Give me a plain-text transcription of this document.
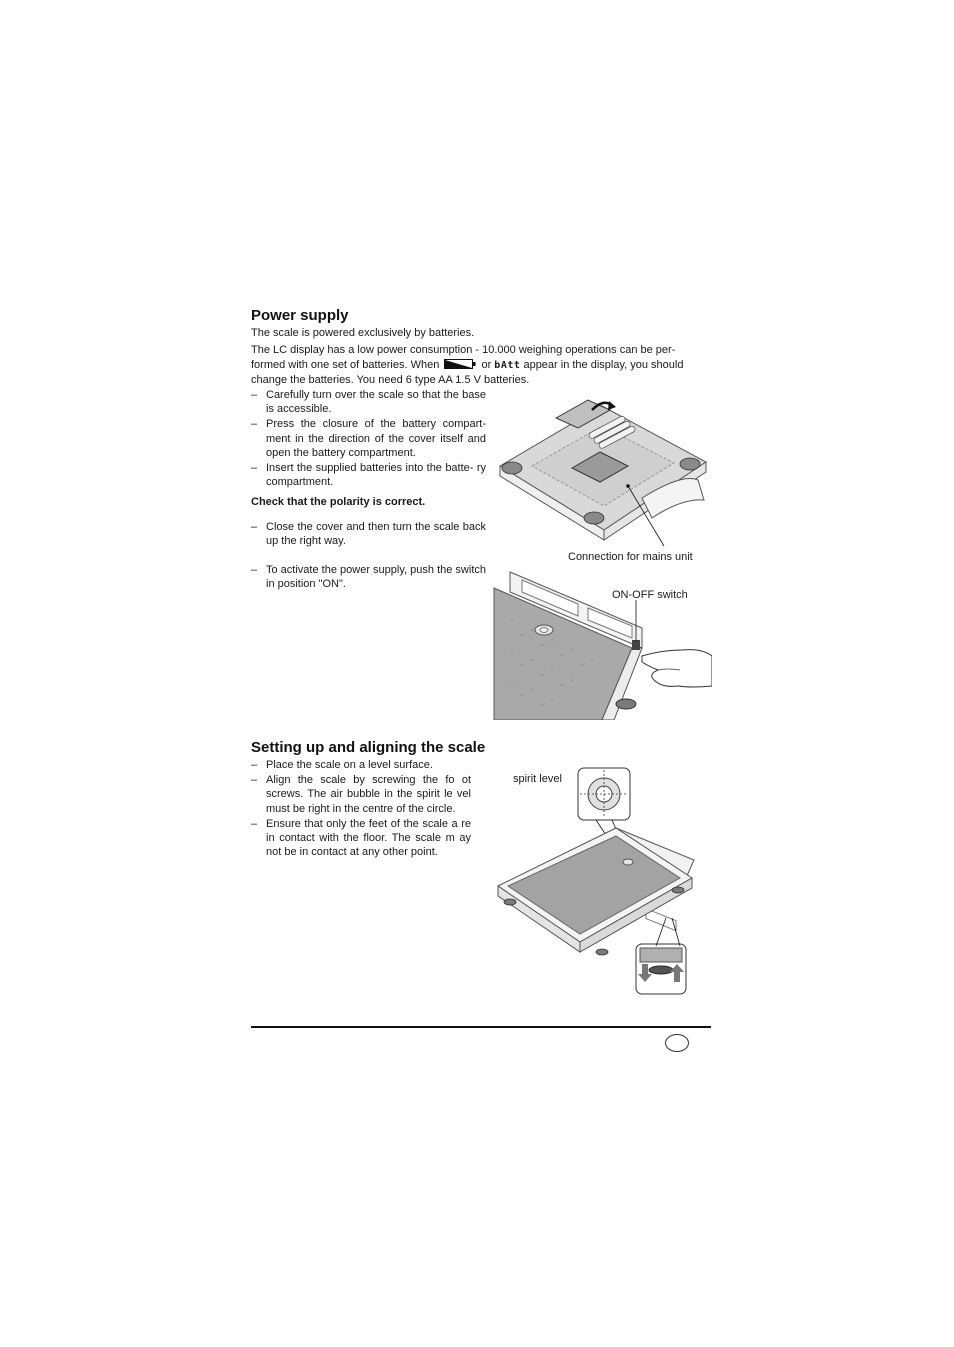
Power supply

The scale is powered exclusively by batteries.

The LC display has a low power consumption - 10.000 weighing operations can be per-
formed with one set of batteries. When	or bAtt appear in the display, you should
change the batteries. You need 6 type AA 1.5 V batteries.
– Carefully turn over the scale so that the base is accessible.
– Press the closure of the battery compart- ment in the direction of the cover itself and open the battery compartment.
– Insert the supplied batteries into the batte- ry compartment.
Check that the polarity is correct.
– Close the cover and then turn the scale back up the right way.
– To activate the power supply, push the switch in position "ON".
Connection for mains unit
ON-OFF switch
Setting up and aligning the scale
– Place the scale on a level surface.
– Align the scale by screwing the fo ot screws. The air bubble in the spirit le vel must be right in the centre of the circle.
– Ensure that only the feet of the scale a re in contact with the floor. The scale m ay not be in contact at any other point.
spirit level
